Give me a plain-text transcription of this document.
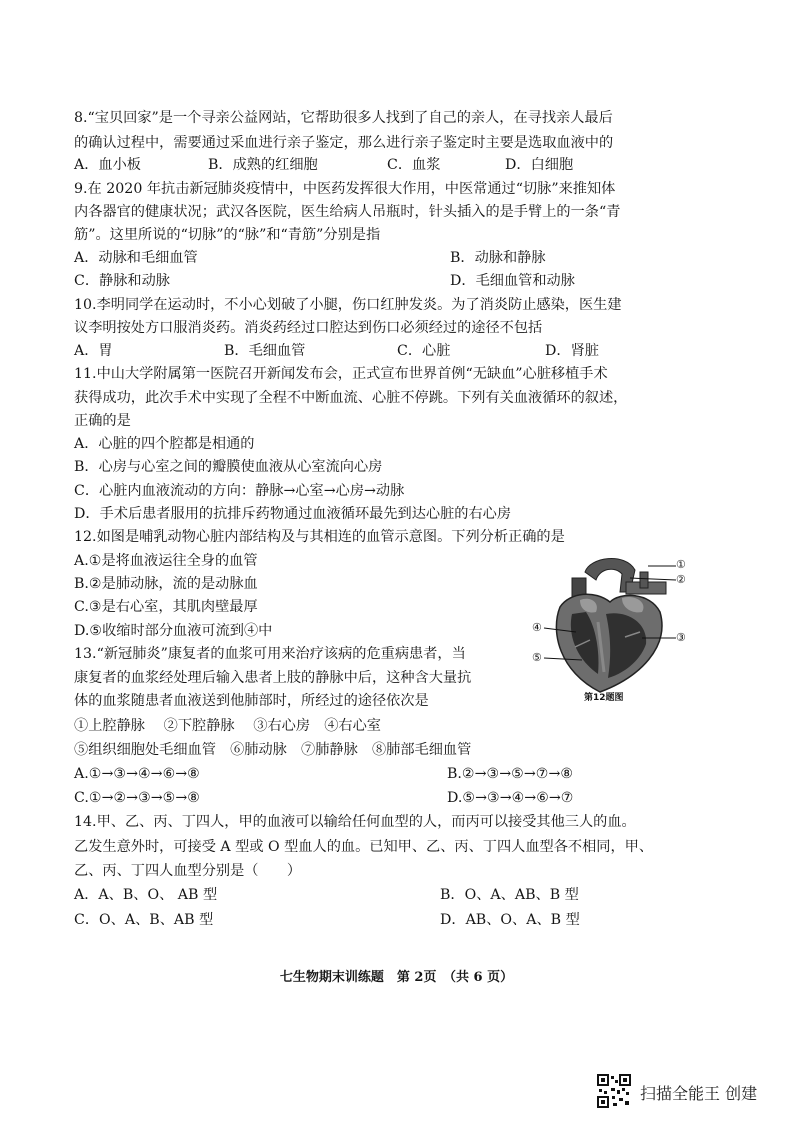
8.“宝贝回家”是一个寻亲公益网站，它帮助很多人找到了自己的亲人，在寻找亲人最后
的确认过程中，需要通过采血进行亲子鉴定，那么进行亲子鉴定时主要是选取血液中的
A．血小板	B．成熟的红细胞	C．血浆	D．白细胞
9.在 2020 年抗击新冠肺炎疫情中，中医药发挥很大作用，中医常通过“切脉”来推知体
内各器官的健康状况；武汉各医院，医生给病人吊瓶时，针头插入的是手臂上的一条“青
筋”。这里所说的“切脉”的“脉”和“青筋”分别是指
A．动脉和毛细血管	B．动脉和静脉
C．静脉和动脉	D．毛细血管和动脉
10.李明同学在运动时，不小心划破了小腿，伤口红肿发炎。为了消炎防止感染，医生建
议李明按处方口服消炎药。消炎药经过口腔达到伤口必须经过的途径不包括
A．胃	B．毛细血管	C．心脏	D．肾脏
11.中山大学附属第一医院召开新闻发布会，正式宣布世界首例“无缺血”心脏移植手术
获得成功，此次手术中实现了全程不中断血流、心脏不停跳。下列有关血液循环的叙述，
正确的是
A．心脏的四个腔都是相通的
B．心房与心室之间的瓣膜使血液从心室流向心房
C．心脏内血液流动的方向：静脉→心室→心房→动脉
D．手术后患者服用的抗排斥药物通过血液循环最先到达心脏的右心房
12.如图是哺乳动物心脏内部结构及与其相连的血管示意图。下列分析正确的是
A.①是将血液运往全身的血管
B.②是肺动脉，流的是动脉血
C.③是右心室，其肌肉壁最厚
D.⑤收缩时部分血液可流到④中
①
②
③
④
⑤
第12题图
13.“新冠肺炎”康复者的血浆可用来治疗该病的危重病患者，当
康复者的血浆经处理后输入患者上肢的静脉中后，这种含大量抗
体的血浆随患者血液送到他肺部时，所经过的途径依次是
①上腔静脉　 ②下腔静脉　 ③右心房　④右心室
⑤组织细胞处毛细血管　⑥肺动脉　⑦肺静脉　⑧肺部毛细血管
A.①→③→④→⑥→⑧	B.②→③→⑤→⑦→⑧
C.①→②→③→⑤→⑧	D.⑤→③→④→⑥→⑦
14.甲、乙、丙、丁四人，甲的血液可以输给任何血型的人，而丙可以接受其他三人的血。
乙发生意外时，可接受 A 型或 O 型血人的血。已知甲、乙、丙、丁四人血型各不相同，甲、
乙、丙、丁四人血型分别是（　　）
A．A、B、O、 AB 型	B．O、A、AB、B 型
C．O、A、B、AB 型	D．AB、O、A、B 型
七生物期末训练题　第 2页　（共 6 页）
扫描全能王 创建
